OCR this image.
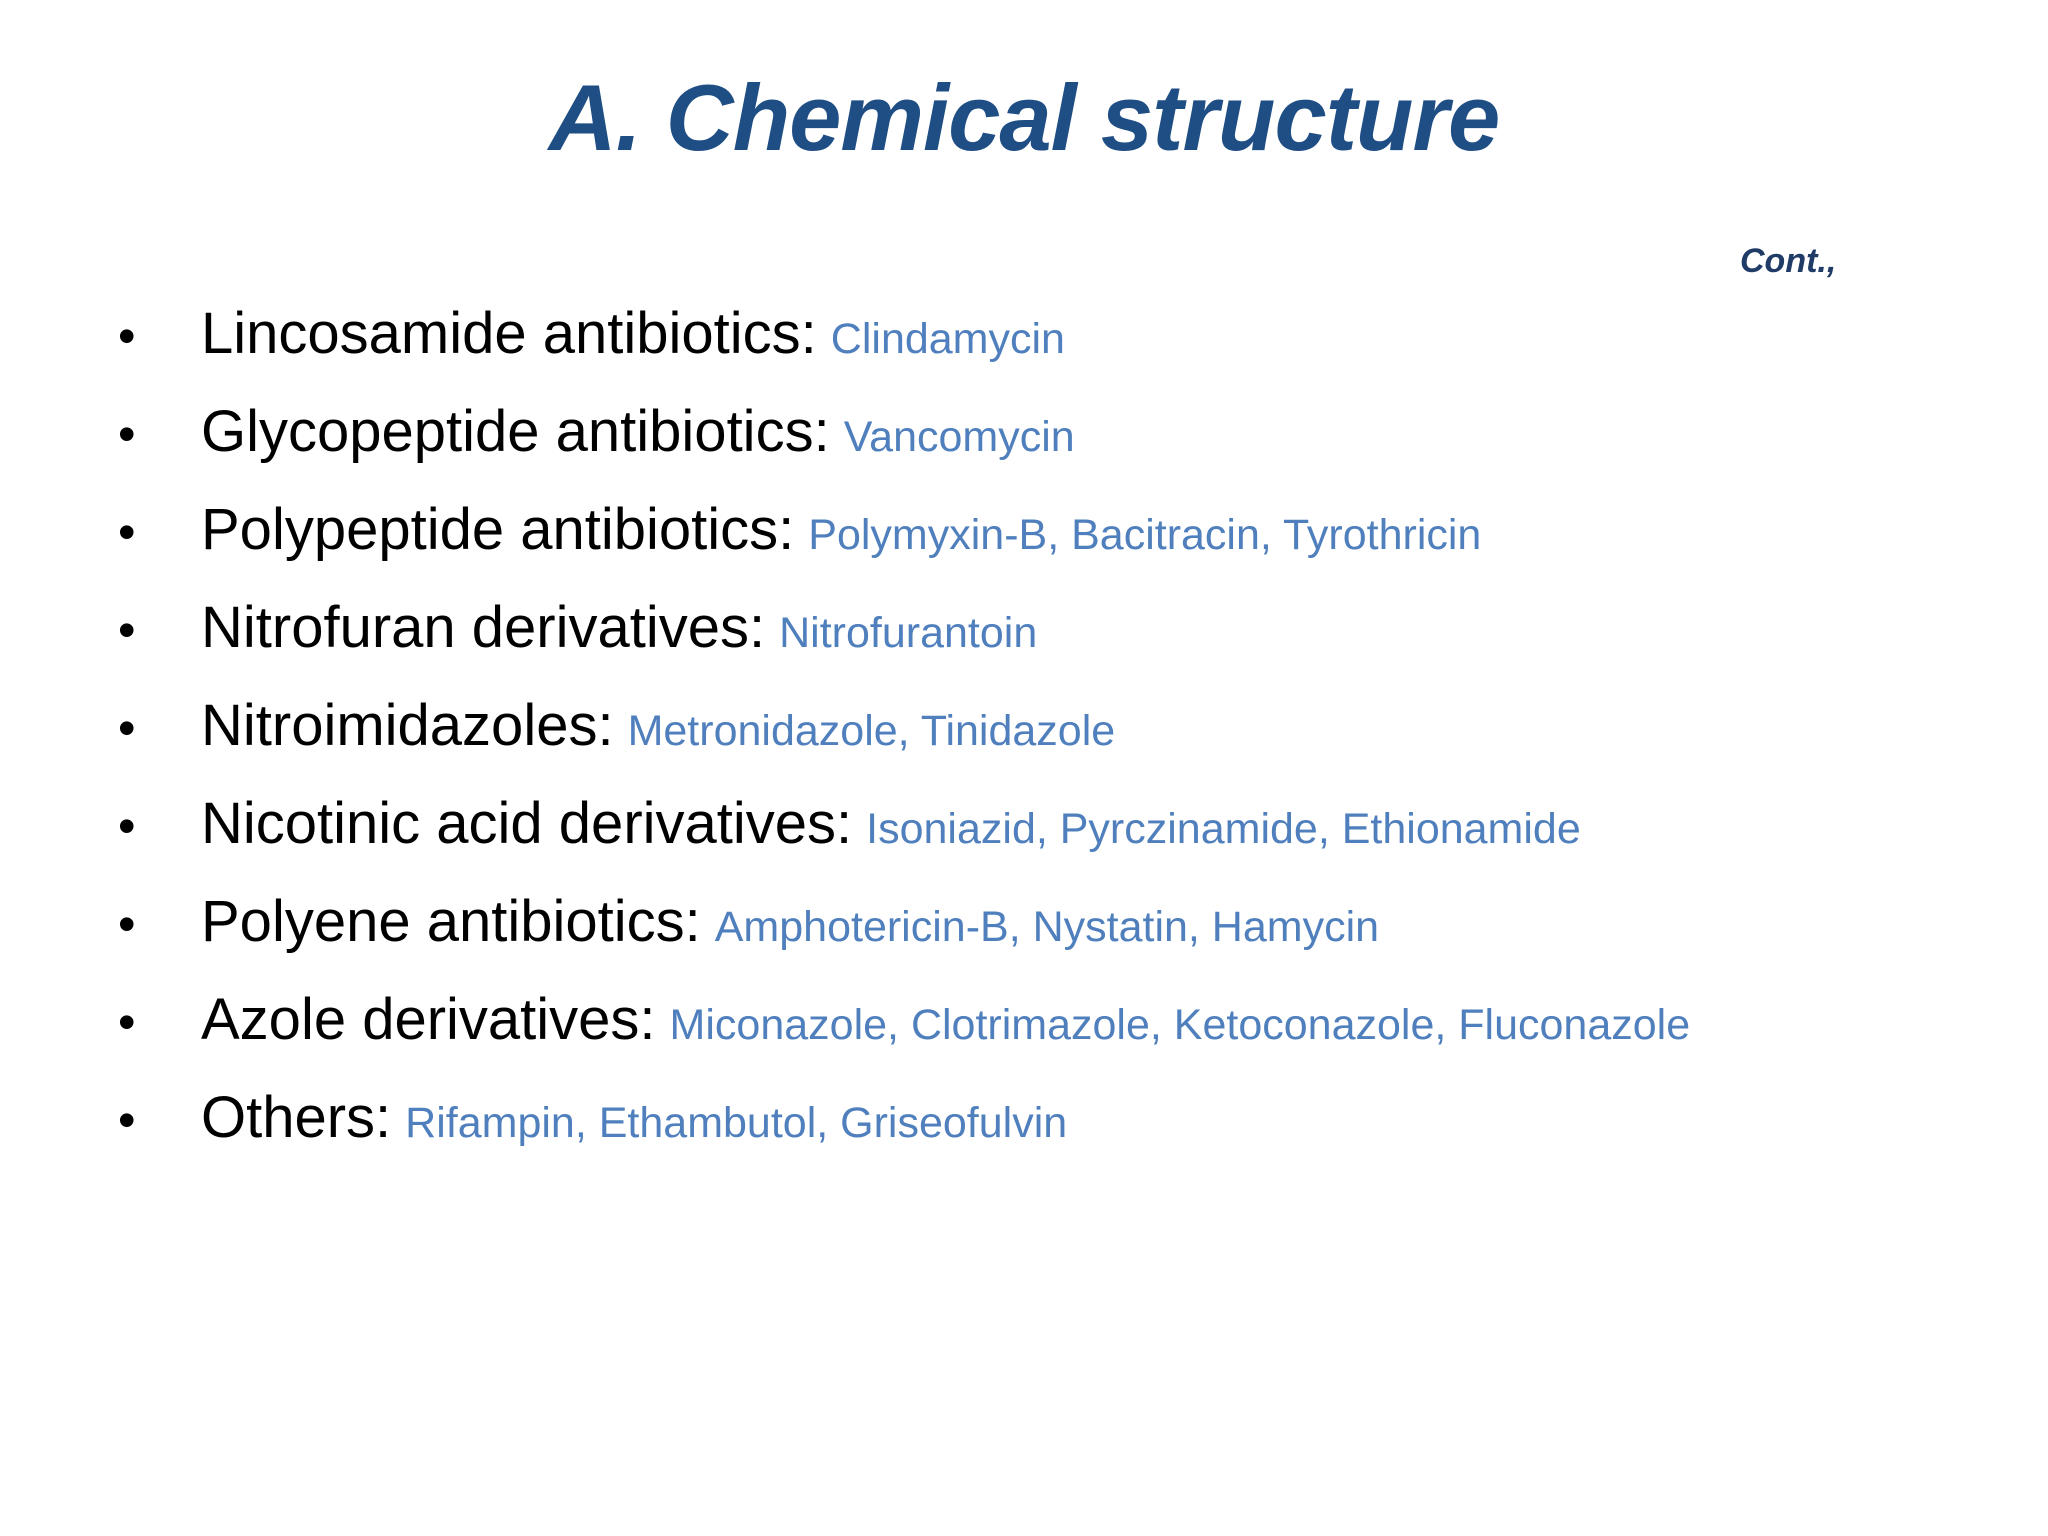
A. Chemical structure
Cont.,
•	Lincosamide antibiotics: Clindamycin
•	Glycopeptide antibiotics: Vancomycin
•	Polypeptide antibiotics: Polymyxin-B, Bacitracin, Tyrothricin
•	Nitrofuran derivatives: Nitrofurantoin
•	Nitroimidazoles: Metronidazole, Tinidazole
•	Nicotinic acid derivatives: Isoniazid, Pyrczinamide, Ethionamide
•	Polyene antibiotics: Amphotericin-B, Nystatin, Hamycin
•	Azole derivatives: Miconazole, Clotrimazole, Ketoconazole, Fluconazole
•	Others: Rifampin, Ethambutol, Griseofulvin
